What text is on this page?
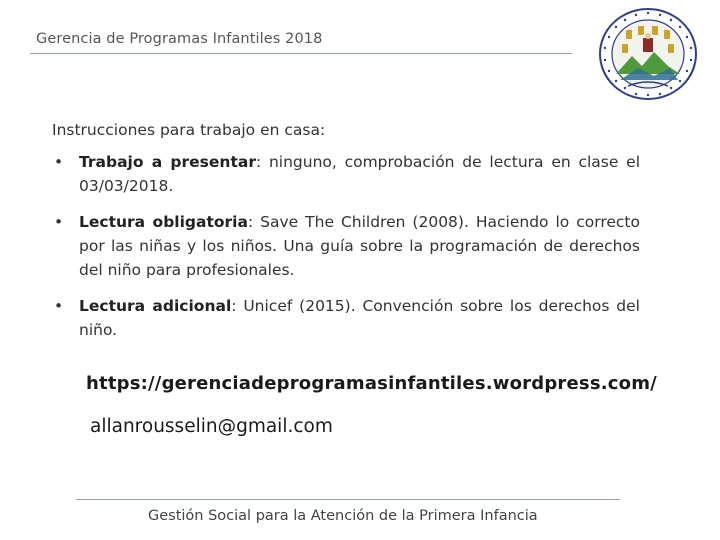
Gerencia de Programas Infantiles 2018
Instrucciones para trabajo en casa:
• Trabajo a presentar: ninguno, comprobación de lectura en clase el 03/03/2018.
• Lectura obligatoria: Save The Children (2008). Haciendo lo correcto por las niñas y los niños. Una guía sobre la programación de derechos del niño para profesionales.
• Lectura adicional: Unicef (2015). Convención sobre los derechos del niño.
https://gerenciadeprogramasinfantiles.wordpress.com/
allanrousselin@gmail.com
Gestión Social para la Atención de la Primera Infancia
